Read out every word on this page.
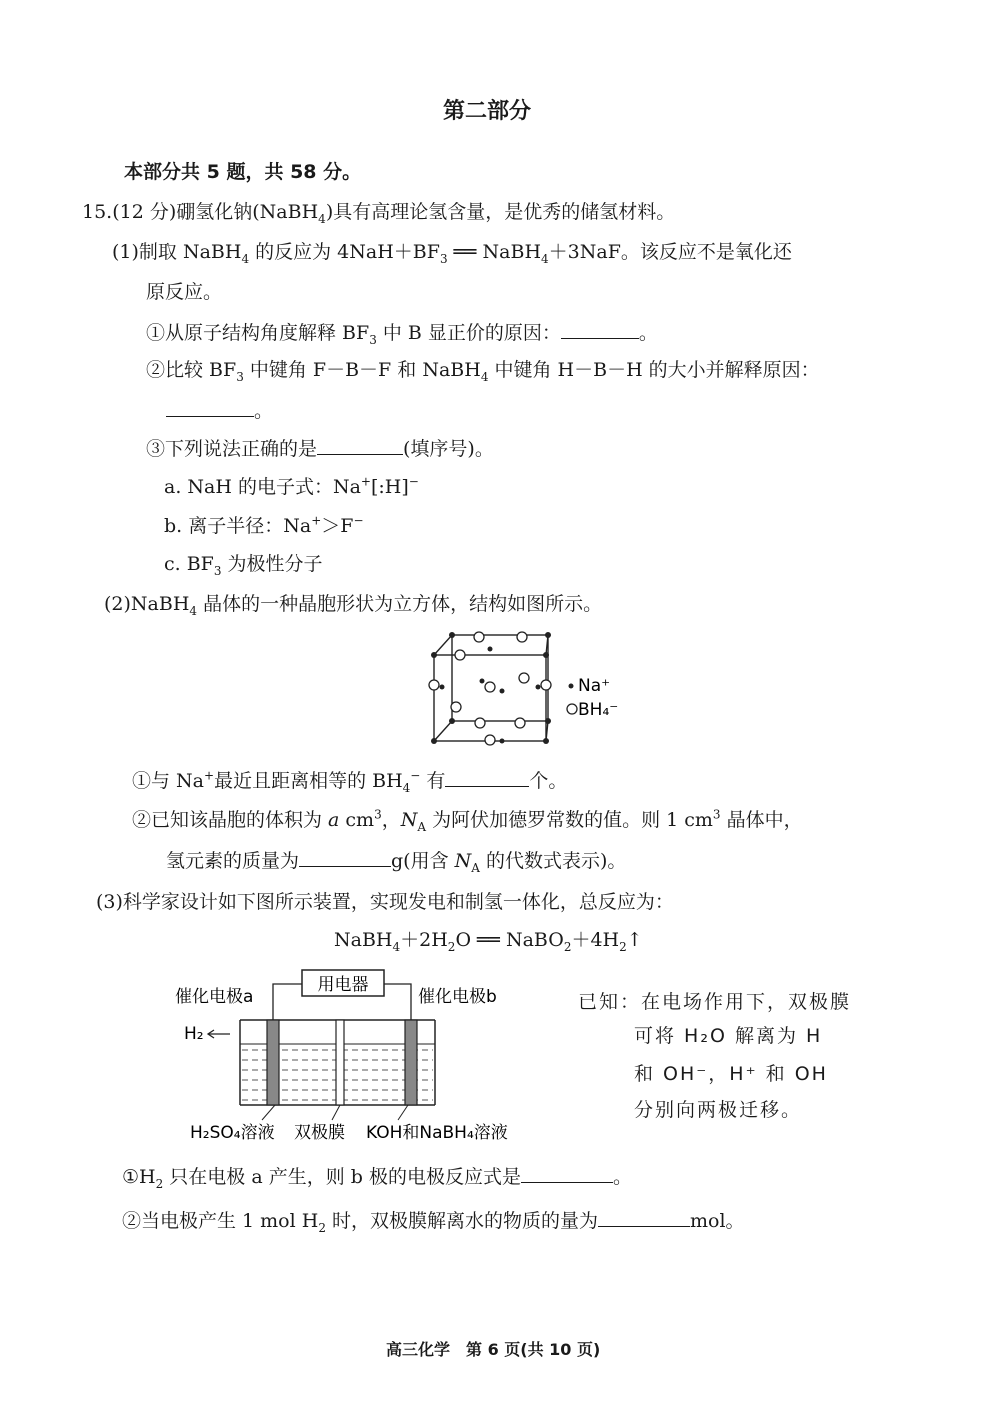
第二部分
本部分共 5 题，共 58 分。
15.(12 分)硼氢化钠(NaBH$_4$)具有高理论氢含量，是优秀的储氢材料。
(1)制取 NaBH$_4$ 的反应为 $4NaH+BF_3$ ══ NaBH$_4$＋3NaF。该反应不是氧化还
原反应。
①从原子结构角度解释 $BF_3$ 中 B 显正价的原因：	。
②比较 $BF_3$ 中键角 F－B－F 和 NaBH$_4$ 中键角 H－B－H 的大小并解释原因：
。
③下列说法正确的是	(填序号)。
a. NaH 的电子式：Na+[:H]−
b. 离子半径：Na+＞F−
c. $BF_3$ 为极性分子
(2)NaBH$_4$ 晶体的一种晶胞形状为立方体，结构如图所示。
Na⁺
BH₄⁻
①与 Na+最近且距离相等的 $BH_4^-$ 有	个。
②已知该晶胞的体积为 a $cm^3$，$N_A$ 为阿伏加德罗常数的值。则 1 $cm^3$ 晶体中，
氢元素的质量为	g(用含 $N_A$ 的代数式表示)。
(3)科学家设计如下图所示装置，实现发电和制氢一体化，总反应为：
$NaBH_4+2H_2O$ ══ $NaBO_2+4H_2↑$
用电器
催化电极a	催化电极b
H₂
H₂SO₄溶液 双极膜 KOH和NaBH₄溶液
已知：在电场作用下，双极膜
可将 H₂O 解离为 H
和 OH⁻，H⁺ 和 OH
分别向两极迁移。
$①H_2$ 只在电极 a 产生，则 b 极的电极反应式是	。
②当电极产生 1 mol $H_2$ 时，双极膜解离水的物质的量为	mol。
高三化学　第 6 页(共 10 页)
